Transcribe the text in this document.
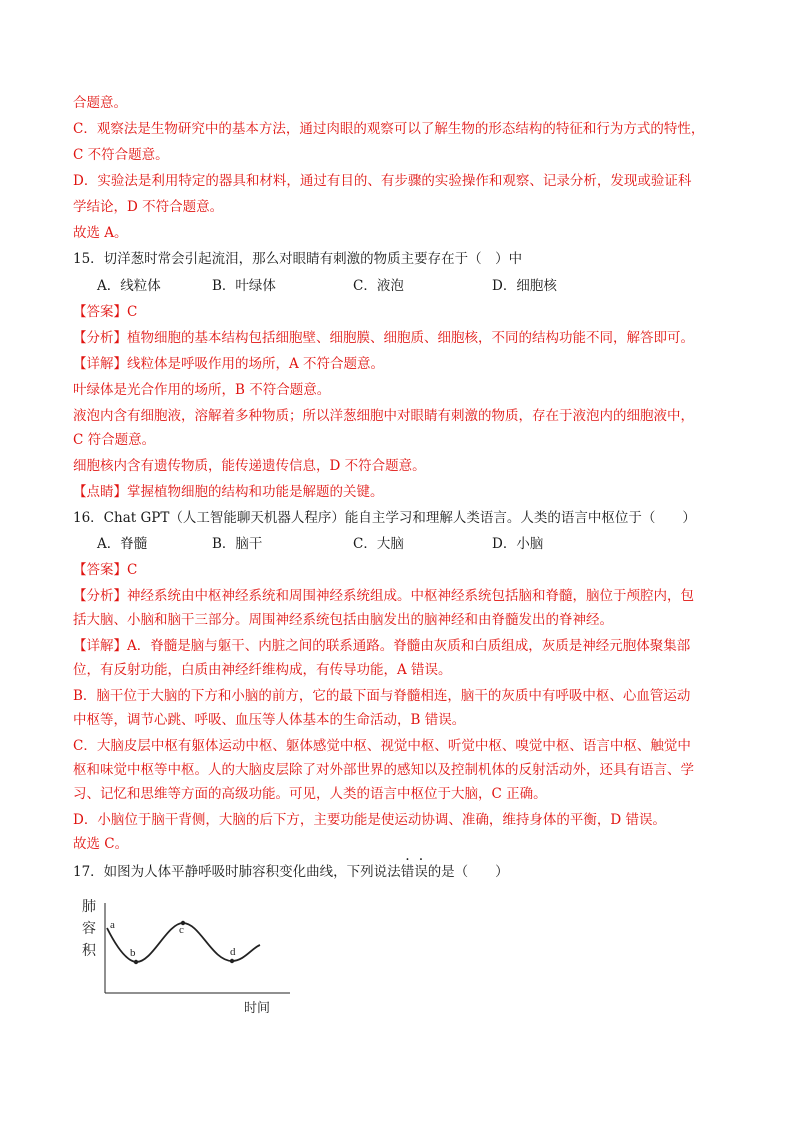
合题意。
C．观察法是生物研究中的基本方法，通过肉眼的观察可以了解生物的形态结构的特征和行为方式的特性，
C 不符合题意。
D．实验法是利用特定的器具和材料，通过有目的、有步骤的实验操作和观察、记录分析，发现或验证科
学结论，D 不符合题意。
故选 A。
15．切洋葱时常会引起流泪，那么对眼睛有刺激的物质主要存在于（　）中
A．线粒体	B．叶绿体	C．液泡	D．细胞核
【答案】C
【分析】植物细胞的基本结构包括细胞壁、细胞膜、细胞质、细胞核，不同的结构功能不同，解答即可。
【详解】线粒体是呼吸作用的场所，A 不符合题意。
叶绿体是光合作用的场所，B 不符合题意。
液泡内含有细胞液，溶解着多种物质；所以洋葱细胞中对眼睛有刺激的物质，存在于液泡内的细胞液中，
C 符合题意。
细胞核内含有遗传物质，能传递遗传信息，D 不符合题意。
【点睛】掌握植物细胞的结构和功能是解题的关键。
16．Chat GPT（人工智能聊天机器人程序）能自主学习和理解人类语言。人类的语言中枢位于（　　）
A．脊髓	B．脑干	C．大脑	D．小脑
【答案】C
【分析】神经系统由中枢神经系统和周围神经系统组成。中枢神经系统包括脑和脊髓，脑位于颅腔内，包
括大脑、小脑和脑干三部分。周围神经系统包括由脑发出的脑神经和由脊髓发出的脊神经。
【详解】A．脊髓是脑与躯干、内脏之间的联系通路。脊髓由灰质和白质组成，灰质是神经元胞体聚集部
位，有反射功能，白质由神经纤维构成，有传导功能，A 错误。
B．脑干位于大脑的下方和小脑的前方，它的最下面与脊髓相连，脑干的灰质中有呼吸中枢、心血管运动
中枢等，调节心跳、呼吸、血压等人体基本的生命活动，B 错误。
C．大脑皮层中枢有躯体运动中枢、躯体感觉中枢、视觉中枢、听觉中枢、嗅觉中枢、语言中枢、触觉中
枢和味觉中枢等中枢。人的大脑皮层除了对外部世界的感知以及控制机体的反射活动外，还具有语言、学
习、记忆和思维等方面的高级功能。可见，人类的语言中枢位于大脑，C 正确。
D．小脑位于脑干背侧，大脑的后下方，主要功能是使运动协调、准确，维持身体的平衡，D 错误。
故选 C。
17．如图为人体平静呼吸时肺容积变化曲线，下列说法错误的是（　　）
肺
容
积
时间
a
b
c
d
